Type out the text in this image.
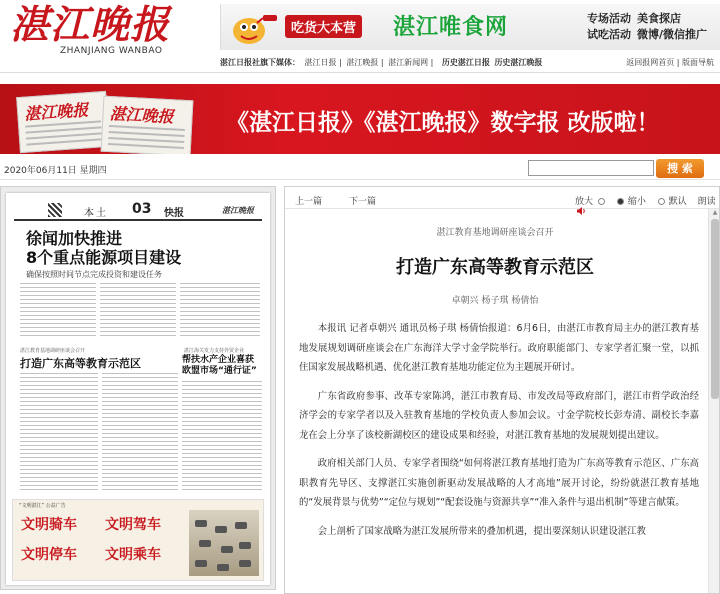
湛江晚报
ZHANJIANG WANBAO
吃货大本营 湛江唯食网	专场活动 美食探店
试吃活动 微博/微信推广
湛江日报社旗下媒体： 湛江日报 | 湛江晚报 | 湛江新闻网 | 历史湛江日报 历史湛江晚报	返回报网首页 | 版面导航
湛江晚报 湛江晚报 《湛江日报》《湛江晚报》数字报 改版啦！
2020年06月11日 星期四	搜 索
本土 03 快报	湛江晚报
徐闻加快推进
8个重点能源项目建设
确保按照时间节点完成投资和建设任务
湛江教育基地调研座谈会召开
打造广东高等教育示范区
湛江海关发力支持外贸企业
帮扶水产企业喜获欧盟市场“通行证”
“文明湛江” 公益广告
文明骑车 文明驾车
文明停车 文明乘车
上一篇	下一篇	放大	缩小	默认 朗读
湛江教育基地调研座谈会召开
打造广东高等教育示范区
卓朝兴 杨子琪 杨倩怡

本报讯 记者卓朝兴 通讯员杨子琪 杨倩怡报道：6月6日，由湛江市教育局主办的湛江教育基地发展规划调研座谈会在广东海洋大学寸金学院举行。政府职能部门、专家学者汇聚一堂，以抓住国家发展战略机遇、优化湛江教育基地功能定位为主题展开研讨。

广东省政府参事、改革专家陈鸿，湛江市教育局、市发改局等政府部门，湛江市哲学政治经济学会的专家学者以及入驻教育基地的学校负责人参加会议。寸金学院校长彭寿清、副校长李嘉龙在会上分享了该校新湖校区的建设成果和经验，对湛江教育基地的发展规划提出建议。

政府相关部门人员、专家学者围绕“如何将湛江教育基地打造为广东高等教育示范区、广东高职教育先导区、支撑湛江实施创新驱动发展战略的人才高地”展开讨论，纷纷就湛江教育基地的“发展背景与优势”“定位与规划”“配套设施与资源共享”“准入条件与退出机制”等建言献策。

会上剖析了国家战略为湛江发展所带来的叠加机遇，提出要深刻认识建设湛江教

▲
